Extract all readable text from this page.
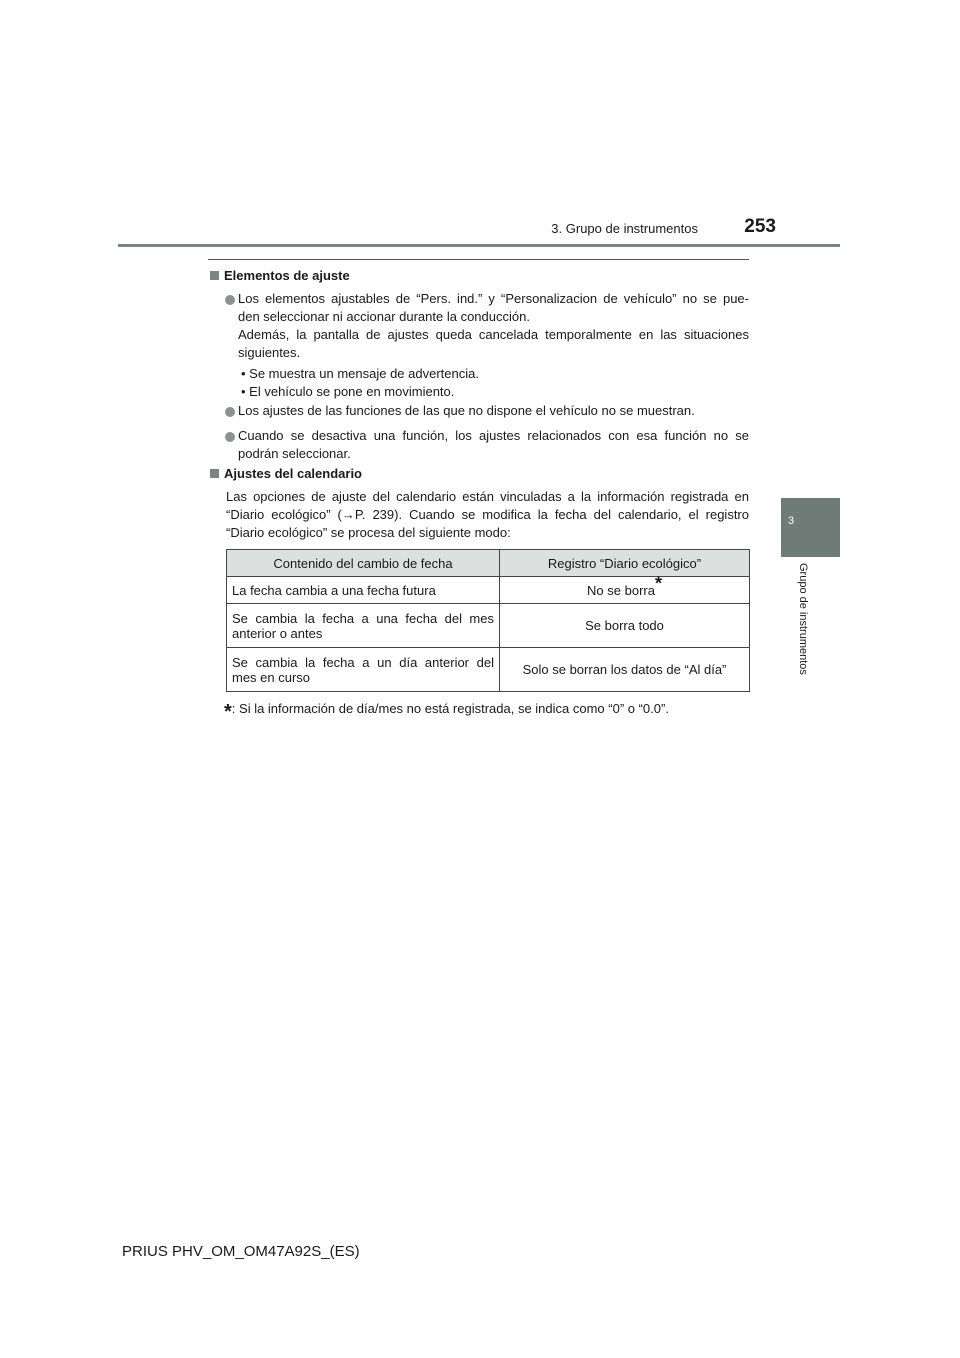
3. Grupo de instrumentos	253
3
Grupo de instrumentos
Elementos de ajuste
Los elementos ajustables de “Pers. ind.” y “Personalizacion de vehículo” no se pue-
den seleccionar ni accionar durante la conducción.
Además, la pantalla de ajustes queda cancelada temporalmente en las situaciones
siguientes.
• Se muestra un mensaje de advertencia.
• El vehículo se pone en movimiento.
Los ajustes de las funciones de las que no dispone el vehículo no se muestran.
Cuando se desactiva una función, los ajustes relacionados con esa función no se
podrán seleccionar.
Ajustes del calendario
Las opciones de ajuste del calendario están vinculadas a la información registrada en
“Diario ecológico” (→P. 239). Cuando se modifica la fecha del calendario, el registro
“Diario ecológico” se procesa del siguiente modo:
Contenido del cambio de fecha	Registro “Diario ecológico”
La fecha cambia a una fecha futura	No se borra*

Se cambia la fecha a una fecha del mes
anterior o antes	Se borra todo

Se cambia la fecha a un día anterior del
mes en curso	Solo se borran los datos de “Al día”
*: Si la información de día/mes no está registrada, se indica como “0” o “0.0”.
PRIUS PHV_OM_OM47A92S_(ES)
